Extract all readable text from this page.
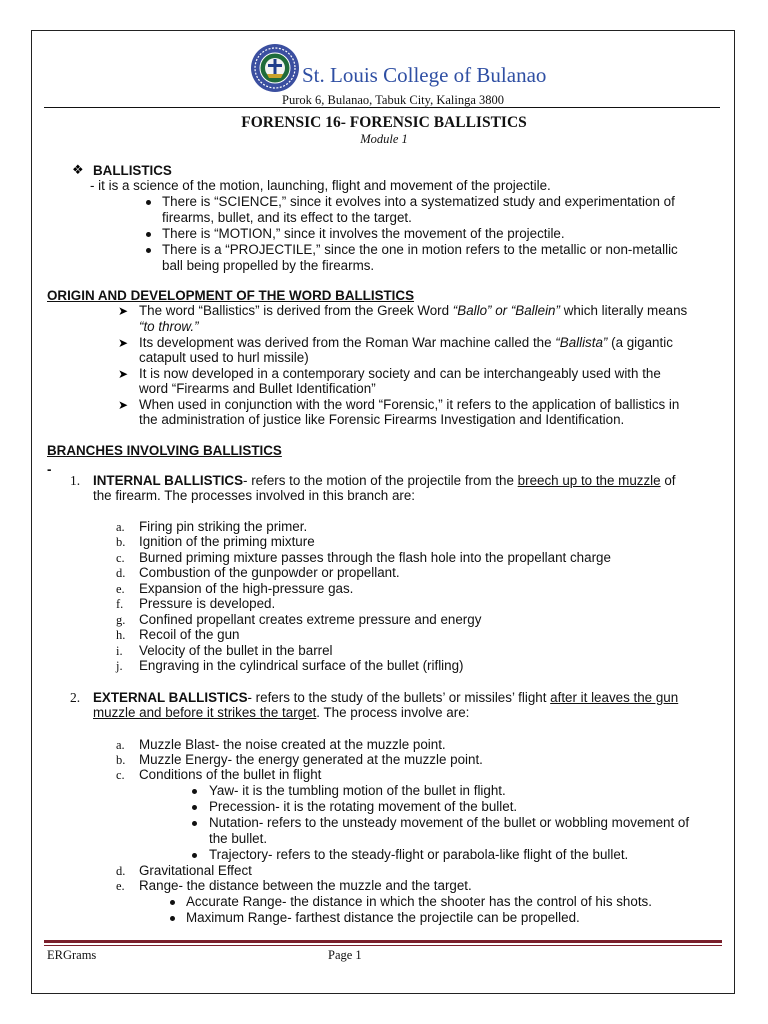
St. Louis College of Bulanao
Purok 6, Bulanao, Tabuk City, Kalinga 3800
FORENSIC 16- FORENSIC BALLISTICS
Module 1
❖ BALLISTICS
- it is a science of the motion, launching, flight and movement of the projectile.
There is “SCIENCE,” since it evolves into a systematized study and experimentation of
firearms, bullet, and its effect to the target.
There is “MOTION,” since it involves the movement of the projectile.
There is a “PROJECTILE,” since the one in motion refers to the metallic or non-metallic
ball being propelled by the firearms.
ORIGIN AND DEVELOPMENT OF THE WORD BALLISTICS
➤ The word “Ballistics” is derived from the Greek Word “Ballo” or “Ballein” which literally means
“to throw.”
➤ Its development was derived from the Roman War machine called the “Ballista” (a gigantic
catapult used to hurl missile)
➤ It is now developed in a contemporary society and can be interchangeably used with the
word “Firearms and Bullet Identification”
➤ When used in conjunction with the word “Forensic,” it refers to the application of ballistics in
the administration of justice like Forensic Firearms Investigation and Identification.
BRANCHES INVOLVING BALLISTICS
-
1. INTERNAL BALLISTICS- refers to the motion of the projectile from the breech up to the muzzle of
the firearm. The processes involved in this branch are:
a. Firing pin striking the primer.
b. Ignition of the priming mixture
c. Burned priming mixture passes through the flash hole into the propellant charge
d. Combustion of the gunpowder or propellant.
e. Expansion of the high-pressure gas.
f. Pressure is developed.
g. Confined propellant creates extreme pressure and energy
h. Recoil of the gun
i. Velocity of the bullet in the barrel
j. Engraving in the cylindrical surface of the bullet (rifling)
2. EXTERNAL BALLISTICS- refers to the study of the bullets’ or missiles’ flight after it leaves the gun
muzzle and before it strikes the target. The process involve are:
a. Muzzle Blast- the noise created at the muzzle point.
b. Muzzle Energy- the energy generated at the muzzle point.
c. Conditions of the bullet in flight
Yaw- it is the tumbling motion of the bullet in flight.
Precession- it is the rotating movement of the bullet.
Nutation- refers to the unsteady movement of the bullet or wobbling movement of
the bullet.
Trajectory- refers to the steady-flight or parabola-like flight of the bullet.
d. Gravitational Effect
e. Range- the distance between the muzzle and the target.
Accurate Range- the distance in which the shooter has the control of his shots.
Maximum Range- farthest distance the projectile can be propelled.
ERGrams	Page 1
